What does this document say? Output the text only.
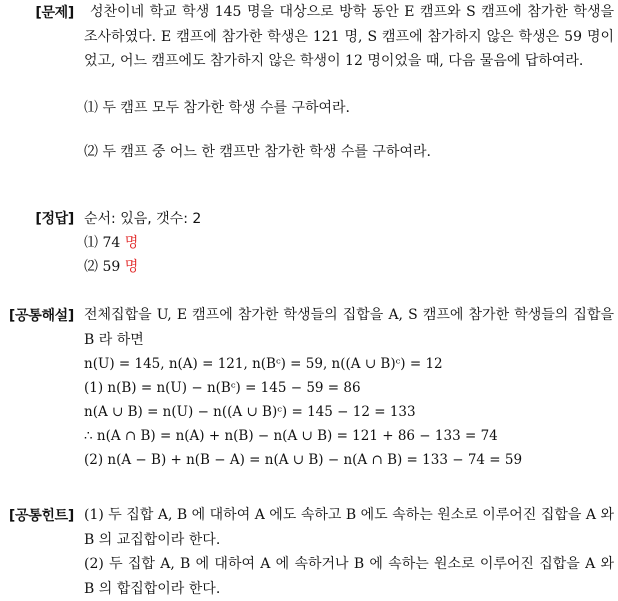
[문제]	성찬이네 학교 학생 145 명을 대상으로 방학 동안 E 캠프와 S 캠프에 참가한 학생을 조사하였다. E 캠프에 참가한 학생은 121 명, S 캠프에 참가하지 않은 학생은 59 명이었고, 어느 캠프에도 참가하지 않은 학생이 12 명이었을 때, 다음 물음에 답하여라.

⑴ 두 캠프 모두 참가한 학생 수를 구하여라.

⑵ 두 캠프 중 어느 한 캠프만 참가한 학생 수를 구하여라.

[정답] 순서: 있음, 갯수: 2

⑴ 74 명

⑵ 59 명

[공통해설] 전체집합을 U, E 캠프에 참가한 학생들의 집합을 A, S 캠프에 참가한 학생들의 집합을 B 라 하면

n(U) = 145, n(A) = 121, n(Bᶜ) = 59, n((A ∪ B)ᶜ) = 12

(1) n(B) = n(U) − n(Bᶜ) = 145 − 59 = 86

n(A ∪ B) = n(U) − n((A ∪ B)ᶜ) = 145 − 12 = 133

∴ n(A ∩ B) = n(A) + n(B) − n(A ∪ B) = 121 + 86 − 133 = 74

(2) n(A − B) + n(B − A) = n(A ∪ B) − n(A ∩ B) = 133 − 74 = 59

[공통힌트] (1) 두 집합 A, B 에 대하여 A 에도 속하고 B 에도 속하는 원소로 이루어진 집합을 A 와 B 의 교집합이라 한다.

(2) 두 집합 A, B 에 대하여 A 에 속하거나 B 에 속하는 원소로 이루어진 집합을 A 와 B 의 합집합이라 한다.
